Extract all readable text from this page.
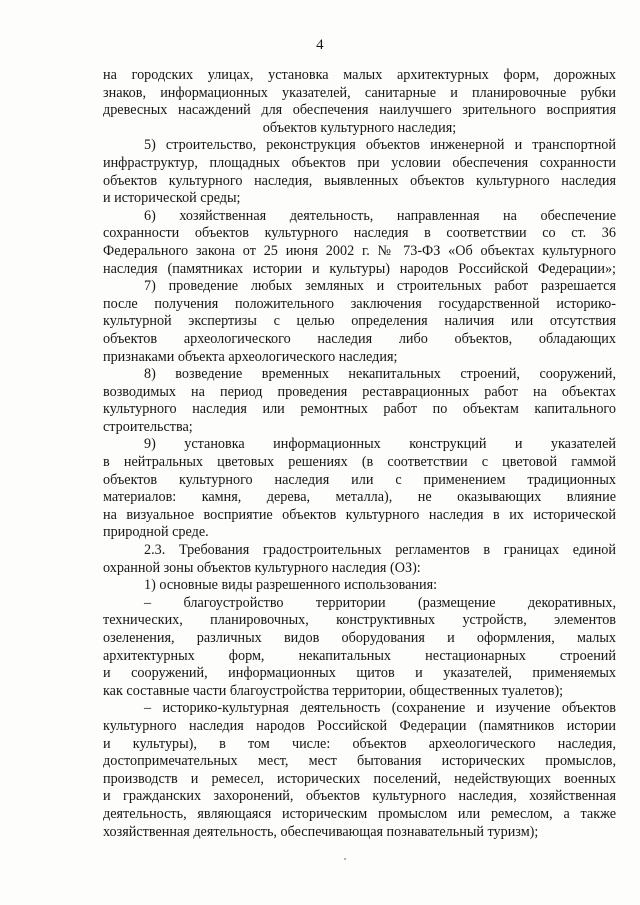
4
на городских улицах, установка малых архитектурных форм, дорожных
знаков, информационных указателей, санитарные и планировочные рубки
древесных насаждений для обеспечения наилучшего зрительного восприятия
объектов культурного наследия;
5) строительство, реконструкция объектов инженерной и транспортной
инфраструктур, площадных объектов при условии обеспечения сохранности
объектов культурного наследия, выявленных объектов культурного наследия
и исторической среды;
6) хозяйственная деятельность, направленная на обеспечение
сохранности объектов культурного наследия в соответствии со ст. 36
Федерального закона от 25 июня 2002 г. № 73-ФЗ «Об объектах культурного
наследия (памятниках истории и культуры) народов Российской Федерации»;
7) проведение любых земляных и строительных работ разрешается
после получения положительного заключения государственной историко-
культурной экспертизы с целью определения наличия или отсутствия
объектов археологического наследия либо объектов, обладающих
признаками объекта археологического наследия;
8) возведение временных некапитальных строений, сооружений,
возводимых на период проведения реставрационных работ на объектах
культурного наследия или ремонтных работ по объектам капитального
строительства;
9) установка информационных конструкций и указателей
в нейтральных цветовых решениях (в соответствии с цветовой гаммой
объектов культурного наследия или с применением традиционных
материалов: камня, дерева, металла), не оказывающих влияние
на визуальное восприятие объектов культурного наследия в их исторической
природной среде.
2.3. Требования градостроительных регламентов в границах единой
охранной зоны объектов культурного наследия (ОЗ):
1) основные виды разрешенного использования:
– благоустройство территории (размещение декоративных,
технических, планировочных, конструктивных устройств, элементов
озеленения, различных видов оборудования и оформления, малых
архитектурных форм, некапитальных нестационарных строений
и сооружений, информационных щитов и указателей, применяемых
как составные части благоустройства территории, общественных туалетов);
– историко-культурная деятельность (сохранение и изучение объектов
культурного наследия народов Российской Федерации (памятников истории
и культуры), в том числе: объектов археологического наследия,
достопримечательных мест, мест бытования исторических промыслов,
производств и ремесел, исторических поселений, недействующих военных
и гражданских захоронений, объектов культурного наследия, хозяйственная
деятельность, являющаяся историческим промыслом или ремеслом, а также
хозяйственная деятельность, обеспечивающая познавательный туризм);
